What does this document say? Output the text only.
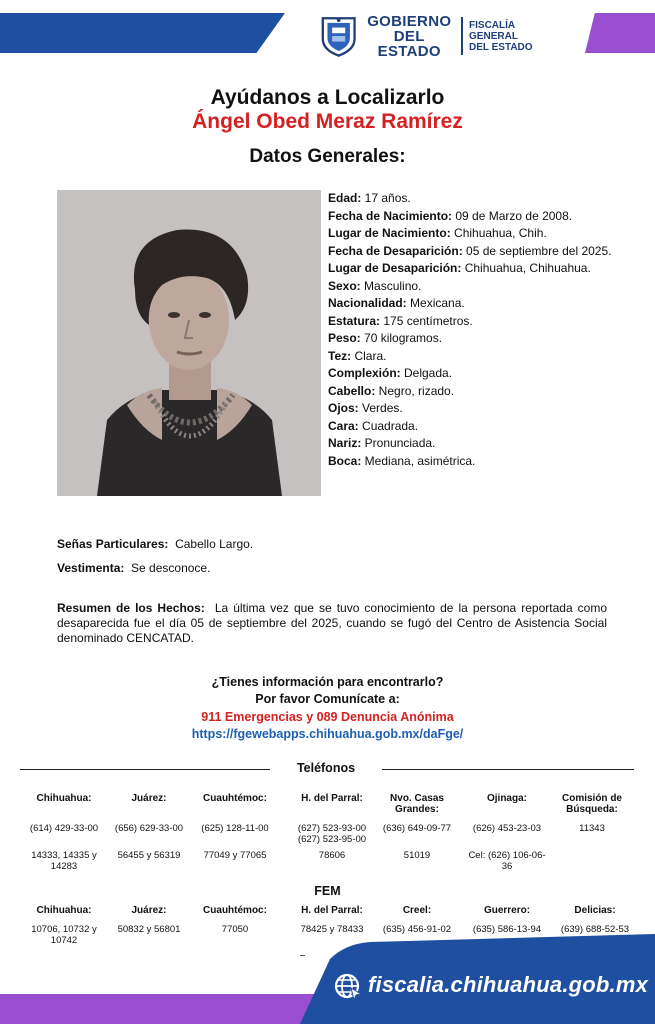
GOBIERNO
DEL ESTADO
FISCALÍA GENERAL
DEL ESTADO
Ayúdanos a Localizarlo
Ángel Obed Meraz Ramírez
Datos Generales:
Edad: 17 años.
Fecha de Nacimiento: 09 de Marzo de 2008.
Lugar de Nacimiento: Chihuahua, Chih.
Fecha de Desaparición: 05 de septiembre del 2025.
Lugar de Desaparición: Chihuahua, Chihuahua.
Sexo: Masculino.
Nacionalidad: Mexicana.
Estatura: 175 centímetros.
Peso: 70 kilogramos.
Tez: Clara.
Complexión: Delgada.
Cabello: Negro, rizado.
Ojos: Verdes.
Cara: Cuadrada.
Nariz: Pronunciada.
Boca: Mediana, asimétrica.
Señas Particulares: Cabello Largo.
Vestimenta: Se desconoce.
Resumen de los Hechos: La última vez que se tuvo conocimiento de la persona reportada como desaparecida fue el día 05 de septiembre del 2025, cuando se fugó del Centro de Asistencia Social denominado CENCATAD.
¿Tienes información para encontrarlo?
Por favor Comunícate a:
911 Emergencias y 089 Denuncia Anónima
https://fgewebapps.chihuahua.gob.mx/daFge/
Teléfonos
Chihuahua:
(614) 429-33-00
14333, 14335 y 14283
Juárez:
(656) 629-33-00
56455 y 56319
Cuauhtémoc:
(625) 128-11-00
77049 y 77065
H. del Parral:
(627) 523-93-00 (627) 523-95-00
78606
Nvo. Casas Grandes:
(636) 649-09-77
51019
Ojinaga:
(626) 453-23-03
Cel: (626) 106-06-36
Comisión de Búsqueda:
11343
FEM
Chihuahua:
10706, 10732 y 10742
Juárez:
50832 y 56801
Cuauhtémoc:
77050
H. del Parral:
78425 y 78433
Creel:
(635) 456-91-02
Guerrero:
(635) 586-13-94
Delicias:
(639) 688-52-53
fiscalia.chihuahua.gob.mx
